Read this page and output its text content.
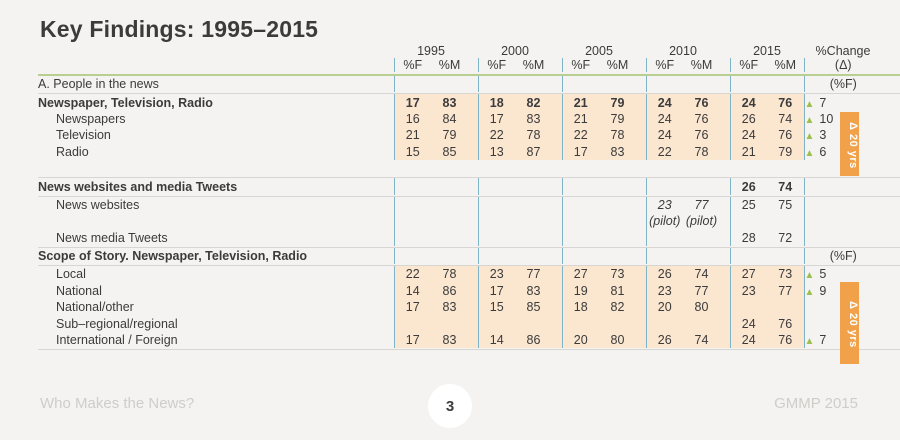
Key Findings: 1995–2015
	1995			2000			2005			2010			2015		%Change	
	%F	%M		%F	%M		%F	%M		%F	%M		%F	%M	(Δ)	

A. People in the news															(%F)	

Newspaper, Television, Radio	17	83		18	82		21	79		24	76		24	76	▲ 7	
Newspapers	16	84		17	83		21	79		24	76		26	74	▲ 10	
Television	21	79		22	78		22	78		24	76		24	76	▲ 3	
Radio	15	85		13	87		17	83		22	78		21	79	▲ 6	

News websites and media Tweets													26	74		

News websites										23	77		25	75		
										(pilot)	(pilot)					
News media Tweets													28	72		

Scope of Story. Newspaper, Television, Radio															(%F)	

Local	22	78		23	77		27	73		26	74		27	73	▲ 5	
National	14	86		17	83		19	81		23	77		23	77	▲ 9	
National/other	17	83		15	85		18	82		20	80					
Sub–regional/regional													24	76		
International / Foreign	17	83		14	86		20	80		26	74		24	76	▲ 7	

Δ 20 yrs
Δ 20 yrs
Who Makes the News?	GMMP 2015
3
